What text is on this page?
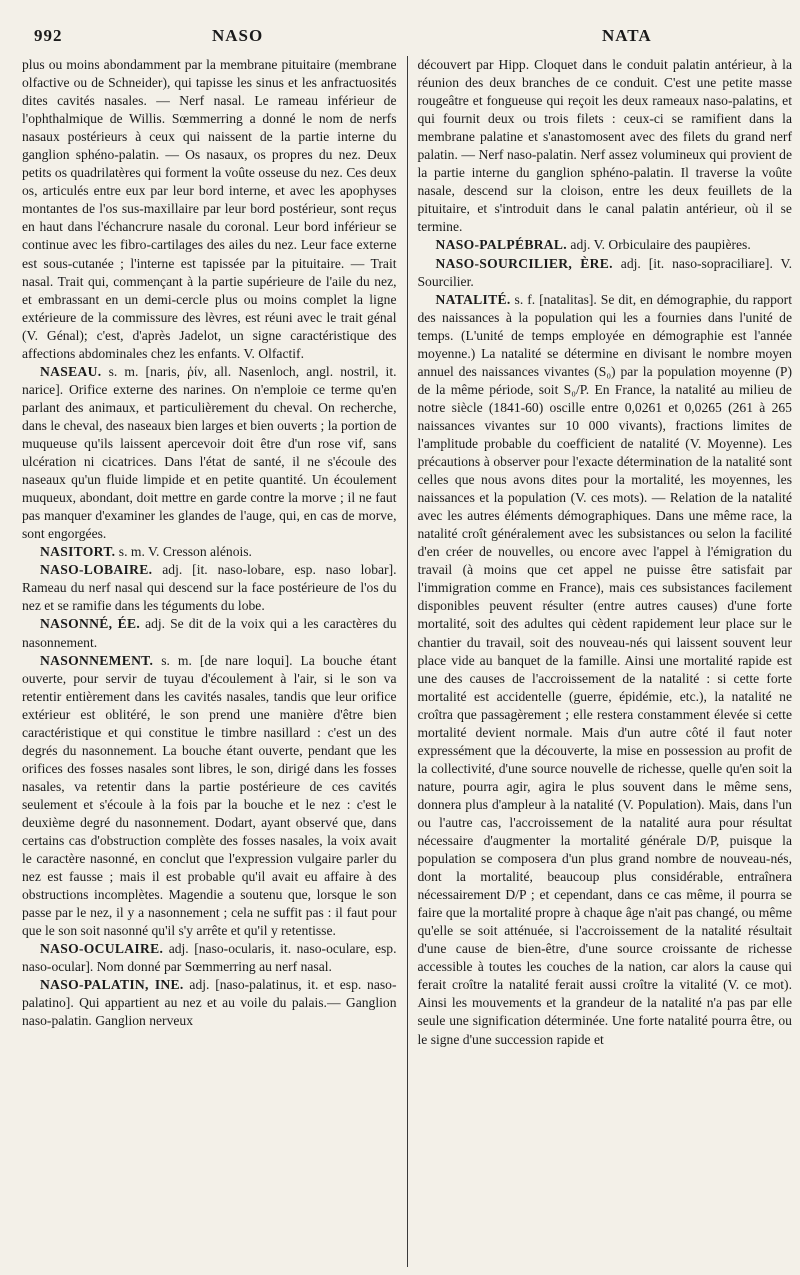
992	NASO	NATA

plus ou moins abondamment par la membrane pituitaire (membrane olfactive ou de Schneider), qui tapisse les sinus et les anfractuosités dites cavités nasales. — Nerf nasal. Le rameau inférieur de l'ophthalmique de Willis. Sœmmerring a donné le nom de nerfs nasaux postérieurs à ceux qui naissent de la partie interne du ganglion sphéno-palatin. — Os nasaux, os propres du nez. Deux petits os quadrilatères qui forment la voûte osseuse du nez. Ces deux os, articulés entre eux par leur bord interne, et avec les apophyses montantes de l'os sus-maxillaire par leur bord postérieur, sont reçus en haut dans l'échancrure nasale du coronal. Leur bord inférieur se continue avec les fibro-cartilages des ailes du nez. Leur face externe est sous-cutanée ; l'interne est tapissée par la pituitaire. — Trait nasal. Trait qui, commençant à la partie supérieure de l'aile du nez, et embrassant en un demi-cercle plus ou moins complet la ligne extérieure de la commissure des lèvres, est réuni avec le trait génal (V. Génal); c'est, d'après Jadelot, un signe caractéristique des affections abdominales chez les enfants. V. Olfactif.

NASEAU. s. m. [naris, ῥίν, all. Nasenloch, angl. nostril, it. narice]. Orifice externe des narines. On n'emploie ce terme qu'en parlant des animaux, et particulièrement du cheval. On recherche, dans le cheval, des naseaux bien larges et bien ouverts ; la portion de muqueuse qu'ils laissent apercevoir doit être d'un rose vif, sans ulcération ni cicatrices. Dans l'état de santé, il ne s'écoule des naseaux qu'un fluide limpide et en petite quantité. Un écoulement muqueux, abondant, doit mettre en garde contre la morve ; il ne faut pas manquer d'examiner les glandes de l'auge, qui, en cas de morve, sont engorgées.

NASITORT. s. m. V. Cresson alénois.

NASO-LOBAIRE. adj. [it. naso-lobare, esp. naso lobar]. Rameau du nerf nasal qui descend sur la face postérieure de l'os du nez et se ramifie dans les téguments du lobe.

NASONNÉ, ÉE. adj. Se dit de la voix qui a les caractères du nasonnement.

NASONNEMENT. s. m. [de nare loqui]. La bouche étant ouverte, pour servir de tuyau d'écoulement à l'air, si le son va retentir entièrement dans les cavités nasales, tandis que leur orifice extérieur est oblitéré, le son prend une manière d'être bien caractéristique et qui constitue le timbre nasillard : c'est un des degrés du nasonnement. La bouche étant ouverte, pendant que les orifices des fosses nasales sont libres, le son, dirigé dans les fosses nasales, va retentir dans la partie postérieure de ces cavités seulement et s'écoule à la fois par la bouche et le nez : c'est le deuxième degré du nasonnement. Dodart, ayant observé que, dans certains cas d'obstruction complète des fosses nasales, la voix avait le caractère nasonné, en conclut que l'expression vulgaire parler du nez est fausse ; mais il est probable qu'il avait eu affaire à des obstructions incomplètes. Magendie a soutenu que, lorsque le son passe par le nez, il y a nasonnement ; cela ne suffit pas : il faut pour que le son soit nasonné qu'il s'y arrête et qu'il y retentisse.

NASO-OCULAIRE. adj. [naso-ocularis, it. naso-oculare, esp. naso-ocular]. Nom donné par Sœmmerring au nerf nasal.

NASO-PALATIN, INE. adj. [naso-palatinus, it. et esp. naso-palatino]. Qui appartient au nez et au voile du palais.— Ganglion naso-palatin. Ganglion nerveux

découvert par Hipp. Cloquet dans le conduit palatin antérieur, à la réunion des deux branches de ce conduit. C'est une petite masse rougeâtre et fongueuse qui reçoit les deux rameaux naso-palatins, et qui fournit deux ou trois filets : ceux-ci se ramifient dans la membrane palatine et s'anastomosent avec des filets du grand nerf palatin. — Nerf naso-palatin. Nerf assez volumineux qui provient de la partie interne du ganglion sphéno-palatin. Il traverse la voûte nasale, descend sur la cloison, entre les deux feuillets de la pituitaire, et s'introduit dans le canal palatin antérieur, où il se termine.

NASO-PALPÉBRAL. adj. V. Orbiculaire des paupières.

NASO-SOURCILIER, ÈRE. adj. [it. naso-sopraciliare]. V. Sourcilier.

NATALITÉ. s. f. [natalitas]. Se dit, en démographie, du rapport des naissances à la population qui les a fournies dans l'unité de temps. (L'unité de temps employée en démographie est l'année moyenne.) La natalité se détermine en divisant le nombre moyen annuel des naissances vivantes (S₀) par la population moyenne (P) de la même période, soit S₀/P. En France, la natalité au milieu de notre siècle (1841-60) oscille entre 0,0261 et 0,0265 (261 à 265 naissances vivantes sur 10 000 vivants), fractions limites de l'amplitude probable du coefficient de natalité (V. Moyenne). Les précautions à observer pour l'exacte détermination de la natalité sont celles que nous avons dites pour la mortalité, les moyennes, les naissances et la population (V. ces mots). — Relation de la natalité avec les autres éléments démographiques. Dans une même race, la natalité croît généralement avec les subsistances ou selon la facilité d'en créer de nouvelles, ou encore avec l'appel à l'émigration du travail (à moins que cet appel ne puisse être satisfait par l'immigration comme en France), mais ces subsistances facilement disponibles peuvent résulter (entre autres causes) d'une forte mortalité, soit des adultes qui cèdent rapidement leur place sur le chantier du travail, soit des nouveau-nés qui laissent souvent leur place vide au banquet de la famille. Ainsi une mortalité rapide est une des causes de l'accroissement de la natalité : si cette forte mortalité est accidentelle (guerre, épidémie, etc.), la natalité ne croîtra que passagèrement ; elle restera constamment élevée si cette mortalité devient normale. Mais d'un autre côté il faut noter expressément que la découverte, la mise en possession au profit de la collectivité, d'une source nouvelle de richesse, quelle qu'en soit la nature, pourra agir, agira le plus souvent dans le même sens, donnera plus d'ampleur à la natalité (V. Population). Mais, dans l'un ou l'autre cas, l'accroissement de la natalité aura pour résultat nécessaire d'augmenter la mortalité générale D/P, puisque la population se composera d'un plus grand nombre de nouveau-nés, dont la mortalité, beaucoup plus considérable, entraînera nécessairement D/P ; et cependant, dans ce cas même, il pourra se faire que la mortalité propre à chaque âge n'ait pas changé, ou même qu'elle se soit atténuée, si l'accroissement de la natalité résultait d'une cause de bien-être, d'une source croissante de richesse accessible à toutes les couches de la nation, car alors la cause qui ferait croître la natalité ferait aussi croître la vitalité (V. ce mot). Ainsi les mouvements et la grandeur de la natalité n'a pas par elle seule une signification déterminée. Une forte natalité pourra être, ou le signe d'une succession rapide et
